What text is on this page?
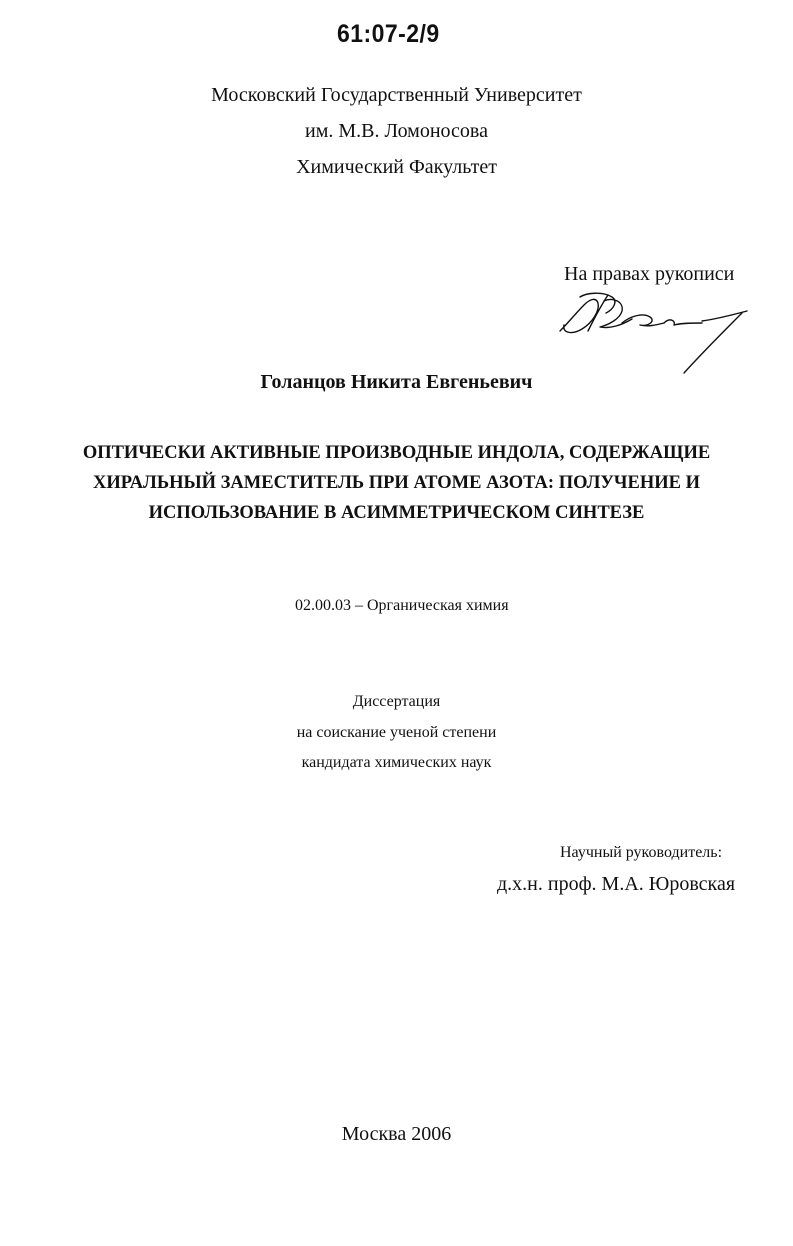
61:07-2/9
Московский Государственный Университет
им. М.В. Ломоносова
Химический Факультет
На правах рукописи
Голанцов Никита Евгеньевич
ОПТИЧЕСКИ АКТИВНЫЕ ПРОИЗВОДНЫЕ ИНДОЛА, СОДЕРЖАЩИЕ
ХИРАЛЬНЫЙ ЗАМЕСТИТЕЛЬ ПРИ АТОМЕ АЗОТА: ПОЛУЧЕНИЕ И
ИСПОЛЬЗОВАНИЕ В АСИММЕТРИЧЕСКОМ СИНТЕЗЕ
02.00.03 – Органическая химия
Диссертация
на соискание ученой степени
кандидата химических наук
Научный руководитель:
д.х.н. проф. М.А. Юровская
Москва 2006
